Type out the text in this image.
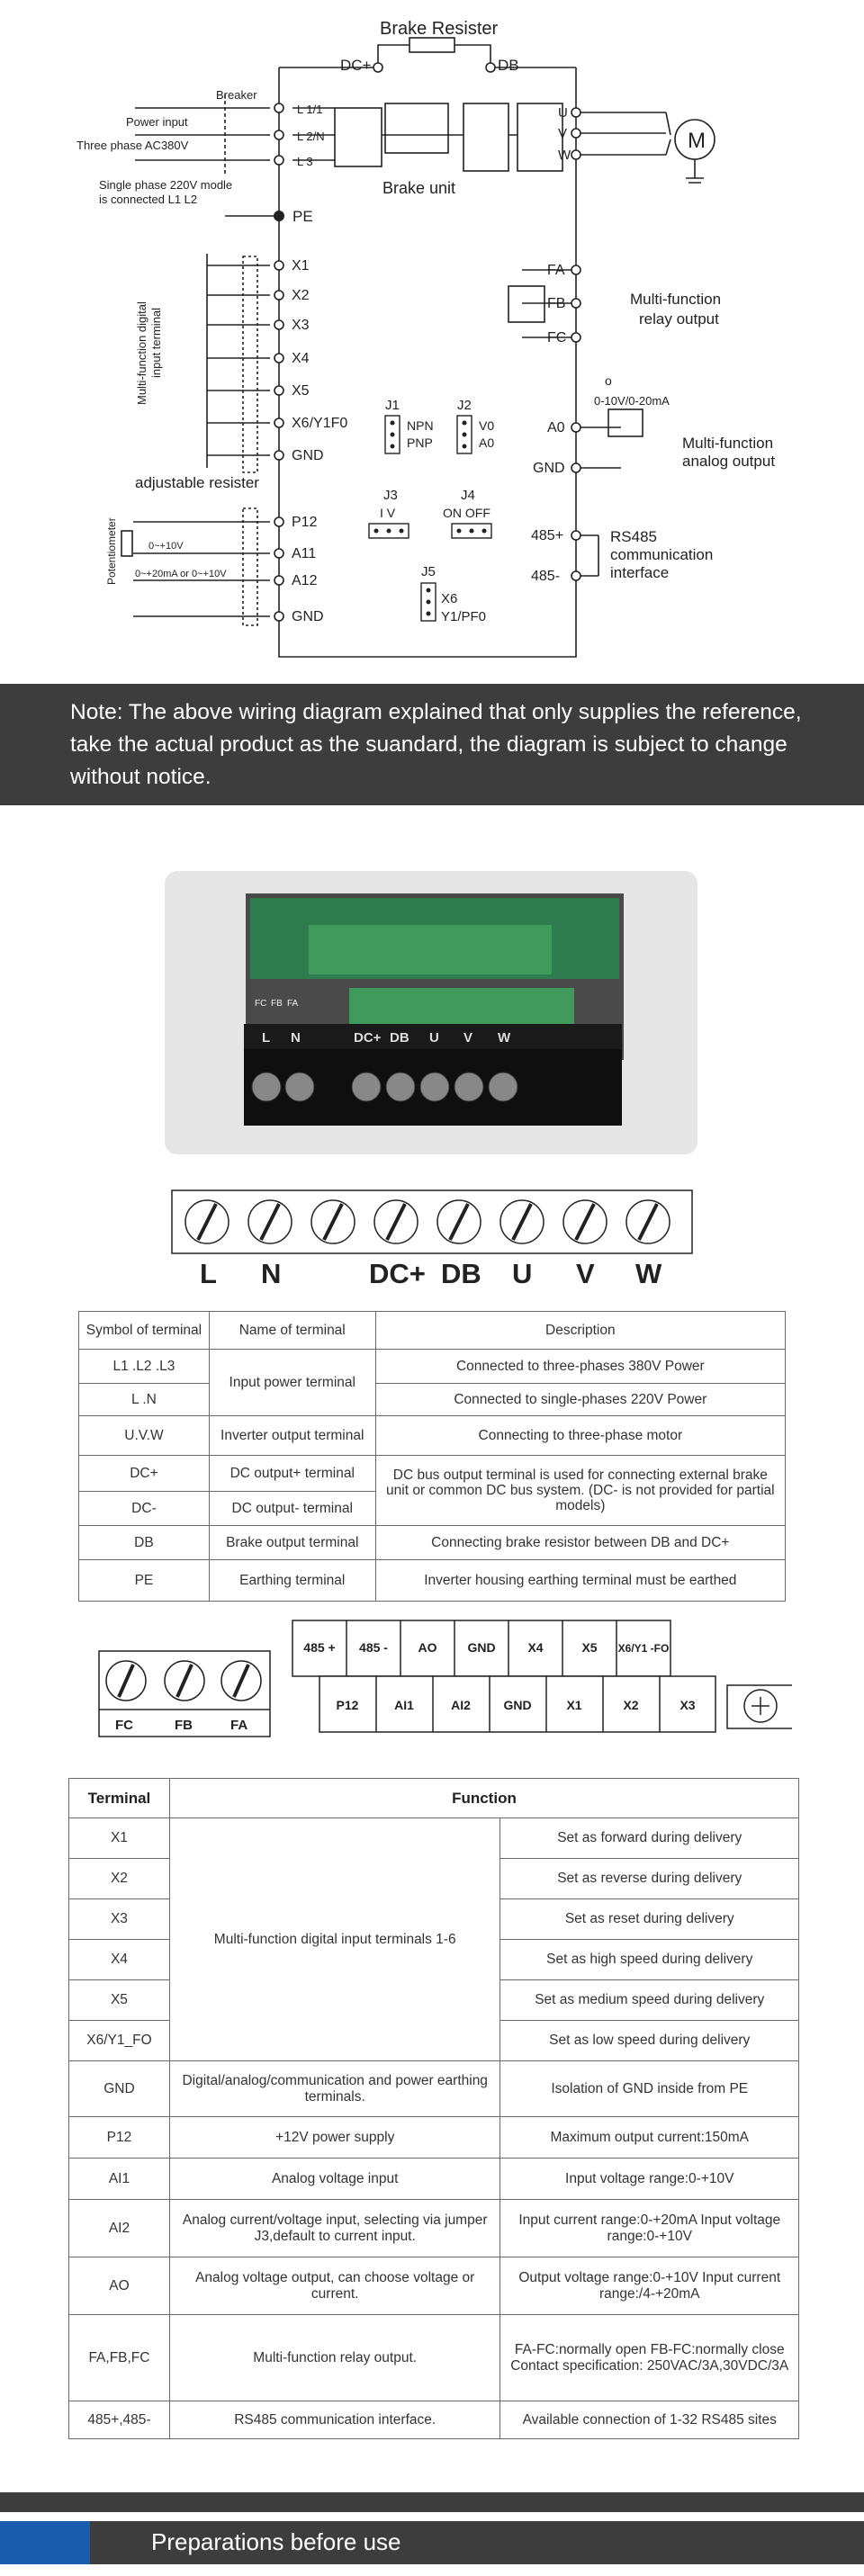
Brake Resister
DC+	DB
Breaker
Power input
Three phase AC380V
L 1/1
L 2/N
L 3
Single phase 220V modle
is connected L1 L2
PE
Brake unit
M
U
V
W
X1
X2
X3
X4
X5
X6/Y1F0
GND
Multi-function digital input terminal
FA
FB
FC
Multi-function
relay output
o
0-10V/0-20mA
A0
Multi-function
analog output
GND
J1
NPN
PNP
J2
V0
A0
J3
I V
J4
ON OFF
J5
X6
Y1/PF0
adjustable resister
Potentiometer	P12
A11
A12
GND
0~+10V
0~+20mA or 0~+10V
485+
485-
RS485
communication
interface
Note: The above wiring diagram explained that only supplies the reference,
take the actual product as the suandard, the diagram is subject to change
without notice.
L N	DC+ DB U V W
FC FB FA
L N	DC+ DB U V W
Symbol of terminal	Name of terminal	Description
L1 .L2 .L3	Input power terminal	Connected to three-phases 380V Power
L .N		Connected to single-phases 220V Power
U.V.W	Inverter output terminal	Connecting to three-phase motor
DC+	DC output+ terminal	DC bus output terminal is used for connecting external brake unit or common DC bus system. (DC- is not provided for partial models)
DC-	DC output- terminal	
DB	Brake output terminal	Connecting brake resistor between DB and DC+
PE	Earthing terminal	Inverter housing earthing terminal must be earthed
FC	FB	FA
485 + 485 - AO GND	X4	X5 X6/Y1 -FO
P12	AI1	AI2	GND	X1	X2	X3
Terminal	Function	
X1	Multi-function digital input terminals 1-6	Set as forward during delivery
X2		Set as reverse during delivery
X3		Set as reset during delivery
X4		Set as high speed during delivery
X5		Set as medium speed during delivery
X6/Y1_FO		Set as low speed during delivery
GND	Digital/analog/communication and power earthing terminals.	Isolation of GND inside from PE
P12	+12V power supply	Maximum output current:150mA
AI1	Analog voltage input	Input voltage range:0-+10V
AI2	Analog current/voltage input, selecting via jumper J3,default to current input.	Input current range:0-+20mA Input voltage range:0-+10V
AO	Analog voltage output, can choose voltage or current.	Output voltage range:0-+10V Input current range:/4-+20mA
FA,FB,FC	Multi-function relay output.	FA-FC:normally open FB-FC:normally close Contact specification: 250VAC/3A,30VDC/3A
485+,485-	RS485 communication interface.	Available connection of 1-32 RS485 sites
Preparations before use
